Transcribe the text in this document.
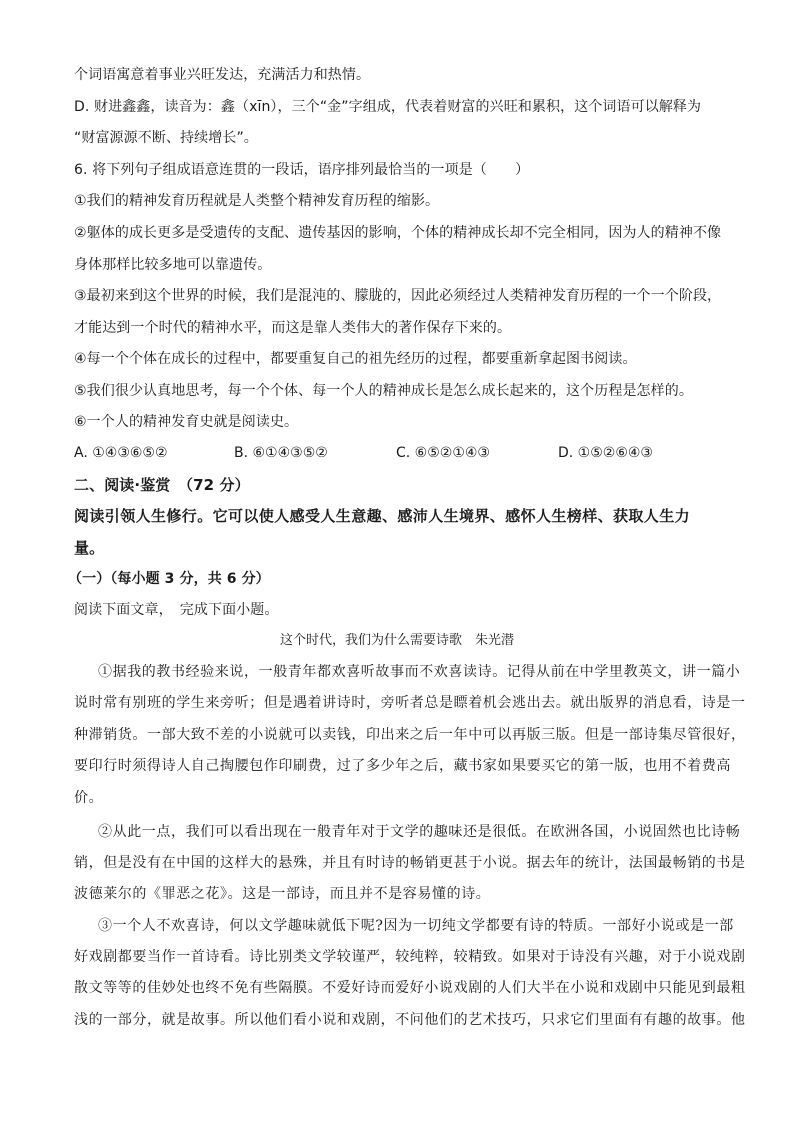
个词语寓意着事业兴旺发达，充满活力和热情。
D. 财进鑫鑫，读音为：鑫（xīn），三个“金”字组成，代表着财富的兴旺和累积，这个词语可以解释为
“财富源源不断、持续增长”。
6. 将下列句子组成语意连贯的一段话，语序排列最恰当的一项是（　　）
①我们的精神发育历程就是人类整个精神发育历程的缩影。
②躯体的成长更多是受遗传的支配、遗传基因的影响，个体的精神成长却不完全相同，因为人的精神不像
身体那样比较多地可以靠遗传。
③最初来到这个世界的时候，我们是混沌的、朦胧的，因此必须经过人类精神发育历程的一个一个阶段，
才能达到一个时代的精神水平，而这是靠人类伟大的著作保存下来的。
④每一个个体在成长的过程中，都要重复自己的祖先经历的过程，都要重新拿起图书阅读。
⑤我们很少认真地思考，每一个个体、每一个人的精神成长是怎么成长起来的，这个历程是怎样的。
⑥一个人的精神发育史就是阅读史。
A. ①④③⑥⑤②	B. ⑥①④③⑤②	C. ⑥⑤②①④③	D. ①⑤②⑥④③
二、阅读·鉴赏　（72 分）
阅读引领人生修行。它可以使人感受人生意趣、感沛人生境界、感怀人生榜样、获取人生力
量。
（一）（每小题 3 分，共 6 分）
阅读下面文章，　完成下面小题。
这个时代，我们为什么需要诗歌　朱光潜
①据我的教书经验来说，一般青年都欢喜听故事而不欢喜读诗。记得从前在中学里教英文，讲一篇小
说时常有别班的学生来旁听；但是遇着讲诗时，旁听者总是瞟着机会逃出去。就出版界的消息看，诗是一
种滞销货。一部大致不差的小说就可以卖钱，印出来之后一年中可以再版三版。但是一部诗集尽管很好，
要印行时须得诗人自己掏腰包作印刷费，过了多少年之后，藏书家如果要买它的第一版，也用不着费高
价。
②从此一点，我们可以看出现在一般青年对于文学的趣味还是很低。在欧洲各国，小说固然也比诗畅
销，但是没有在中国的这样大的悬殊，并且有时诗的畅销更甚于小说。据去年的统计，法国最畅销的书是
波德莱尔的《罪恶之花》。这是一部诗，而且并不是容易懂的诗。
③一个人不欢喜诗，何以文学趣味就低下呢?因为一切纯文学都要有诗的特质。一部好小说或是一部
好戏剧都要当作一首诗看。诗比别类文学较谨严，较纯粹，较精致。如果对于诗没有兴趣，对于小说戏剧
散文等等的佳妙处也终不免有些隔膜。不爱好诗而爱好小说戏剧的人们大半在小说和戏剧中只能见到最粗
浅的一部分，就是故事。所以他们看小说和戏剧，不问他们的艺术技巧，只求它们里面有有趣的故事。他
